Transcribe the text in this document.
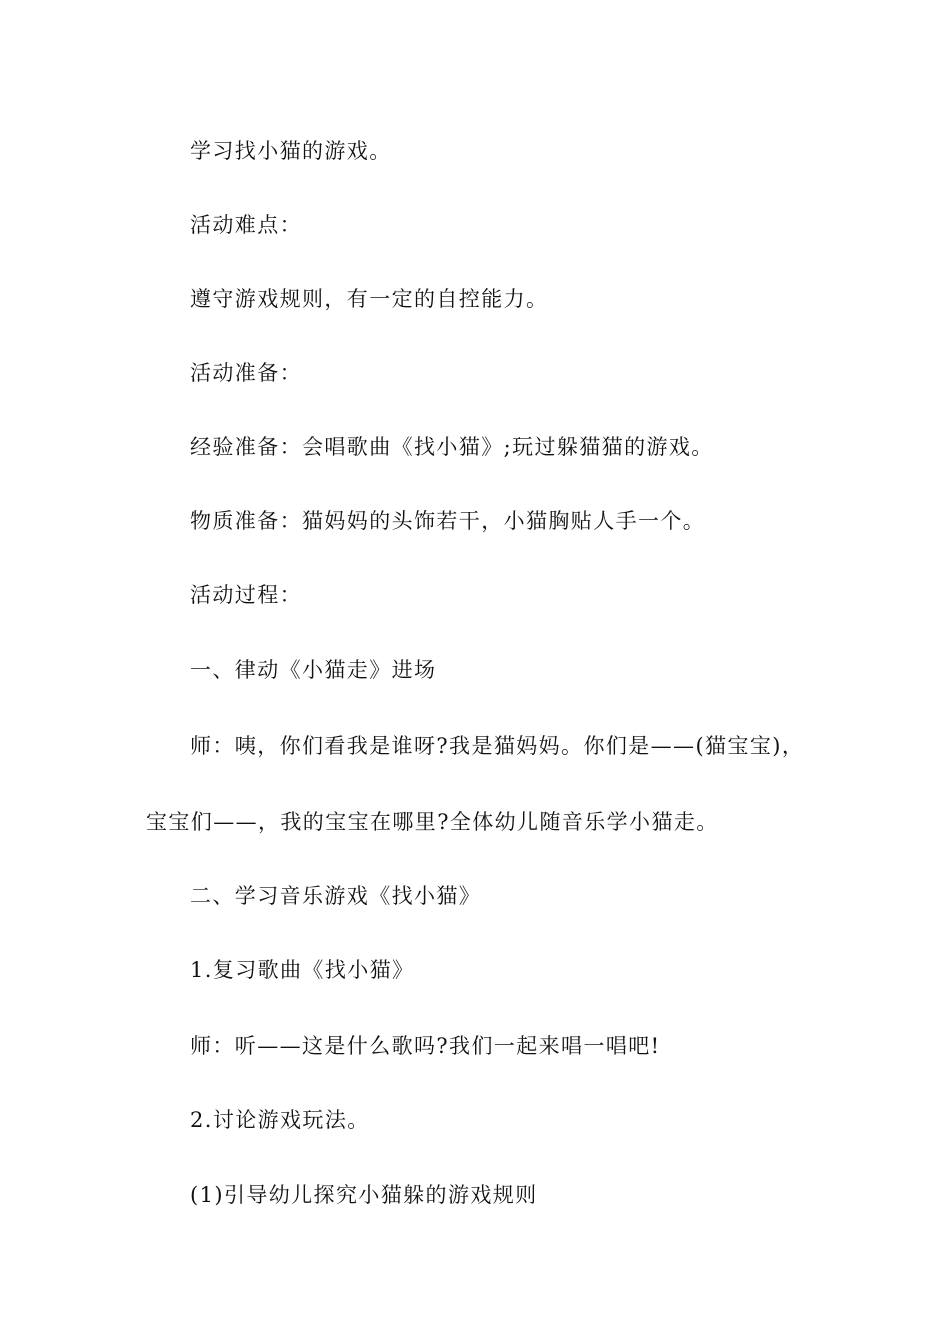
学习找小猫的游戏。
活动难点：
遵守游戏规则，有一定的自控能力。
活动准备：
经验准备：会唱歌曲《找小猫》;玩过躲猫猫的游戏。
物质准备：猫妈妈的头饰若干，小猫胸贴人手一个。
活动过程：
一、律动《小猫走》进场
师：咦，你们看我是谁呀?我是猫妈妈。你们是——(猫宝宝)，
宝宝们——，我的宝宝在哪里?全体幼儿随音乐学小猫走。
二、学习音乐游戏《找小猫》
1.复习歌曲《找小猫》
师：听——这是什么歌吗?我们一起来唱一唱吧!
2.讨论游戏玩法。
(1)引导幼儿探究小猫躲的游戏规则
